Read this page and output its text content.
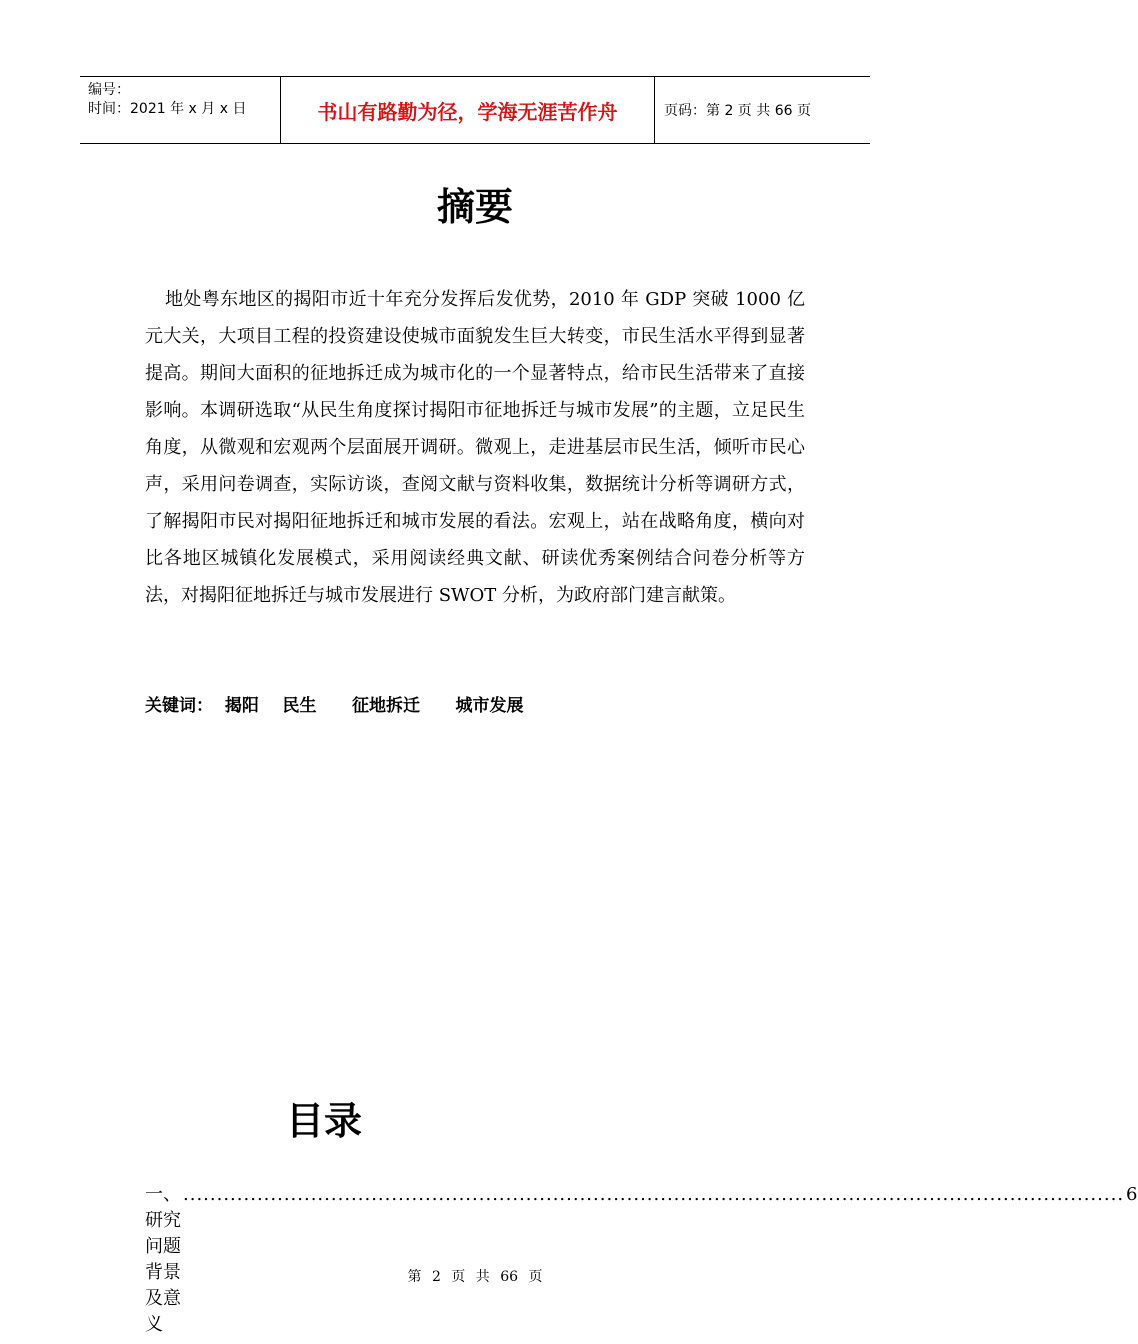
编号：
时间：2021 年 x 月 x 日	书山有路勤为径，学海无涯苦作舟	页码：第 2 页 共 66 页
摘要
地处粤东地区的揭阳市近十年充分发挥后发优势，2010 年 GDP 突破 1000 亿元大关，大项目工程的投资建设使城市面貌发生巨大转变，市民生活水平得到显著提高。期间大面积的征地拆迁成为城市化的一个显著特点，给市民生活带来了直接影响。本调研选取“从民生角度探讨揭阳市征地拆迁与城市发展”的主题，立足民生角度，从微观和宏观两个层面展开调研。微观上，走进基层市民生活，倾听市民心声，采用问卷调查，实际访谈，查阅文献与资料收集，数据统计分析等调研方式，了解揭阳市民对揭阳征地拆迁和城市发展的看法。宏观上，站在战略角度，横向对比各地区城镇化发展模式，采用阅读经典文献、研读优秀案例结合问卷分析等方法，对揭阳征地拆迁与城市发展进行 SWOT 分析，为政府部门建言献策。
关键词：  揭阳    民生      征地拆迁      城市发展
目录
一、研究问题背景及意义
............................................................................................................................................ 6
第 2 页 共 66 页
